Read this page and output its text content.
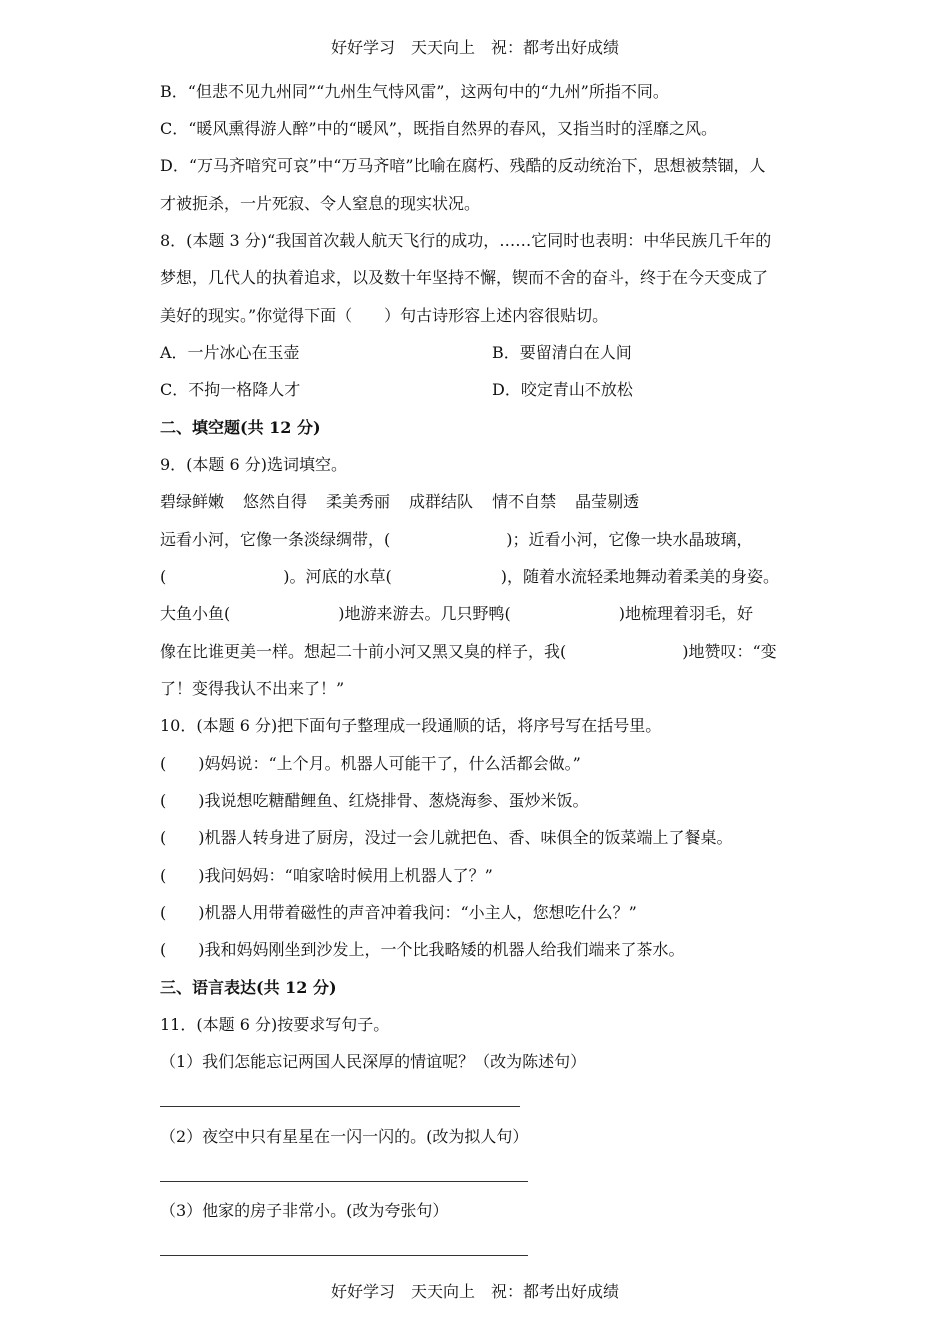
好好学习　天天向上　祝：都考出好成绩
B．“但悲不见九州同”“九州生气恃风雷”，这两句中的“九州”所指不同。
C．“暖风熏得游人醉”中的“暖风”，既指自然界的春风，又指当时的淫靡之风。
D．“万马齐喑究可哀”中“万马齐喑”比喻在腐朽、残酷的反动统治下，思想被禁锢，人
才被扼杀，一片死寂、令人窒息的现实状况。
8．(本题 3 分)“我国首次载人航天飞行的成功，……它同时也表明：中华民族几千年的
梦想，几代人的执着追求，以及数十年坚持不懈，锲而不舍的奋斗，终于在今天变成了
美好的现实。”你觉得下面（　　）句古诗形容上述内容很贴切。
A．一片冰心在玉壶	B．要留清白在人间
C．不拘一格降人才	D．咬定青山不放松
二、填空题(共 12 分)
9．(本题 6 分)选词填空。
碧绿鲜嫩 悠然自得 柔美秀丽 成群结队 情不自禁 晶莹剔透
远看小河，它像一条淡绿绸带，(	)；近看小河，它像一块水晶玻璃，
(	)。河底的水草(	)，随着水流轻柔地舞动着柔美的身姿。
大鱼小鱼(	)地游来游去。几只野鸭(	)地梳理着羽毛，好
像在比谁更美一样。想起二十前小河又黑又臭的样子，我(	)地赞叹：“变
了！变得我认不出来了！”
10．(本题 6 分)把下面句子整理成一段通顺的话，将序号写在括号里。
(　　)妈妈说：“上个月。机器人可能干了，什么活都会做。”
(　　)我说想吃糖醋鲤鱼、红烧排骨、葱烧海参、蛋炒米饭。
(　　)机器人转身进了厨房，没过一会儿就把色、香、味俱全的饭菜端上了餐桌。
(　　)我问妈妈：“咱家啥时候用上机器人了？”
(　　)机器人用带着磁性的声音冲着我问：“小主人，您想吃什么？”
(　　)我和妈妈刚坐到沙发上，一个比我略矮的机器人给我们端来了茶水。
三、语言表达(共 12 分)
11．(本题 6 分)按要求写句子。
（1）我们怎能忘记两国人民深厚的情谊呢？（改为陈述句）
（2）夜空中只有星星在一闪一闪的。(改为拟人句）
（3）他家的房子非常小。(改为夸张句）
好好学习　天天向上　祝：都考出好成绩
